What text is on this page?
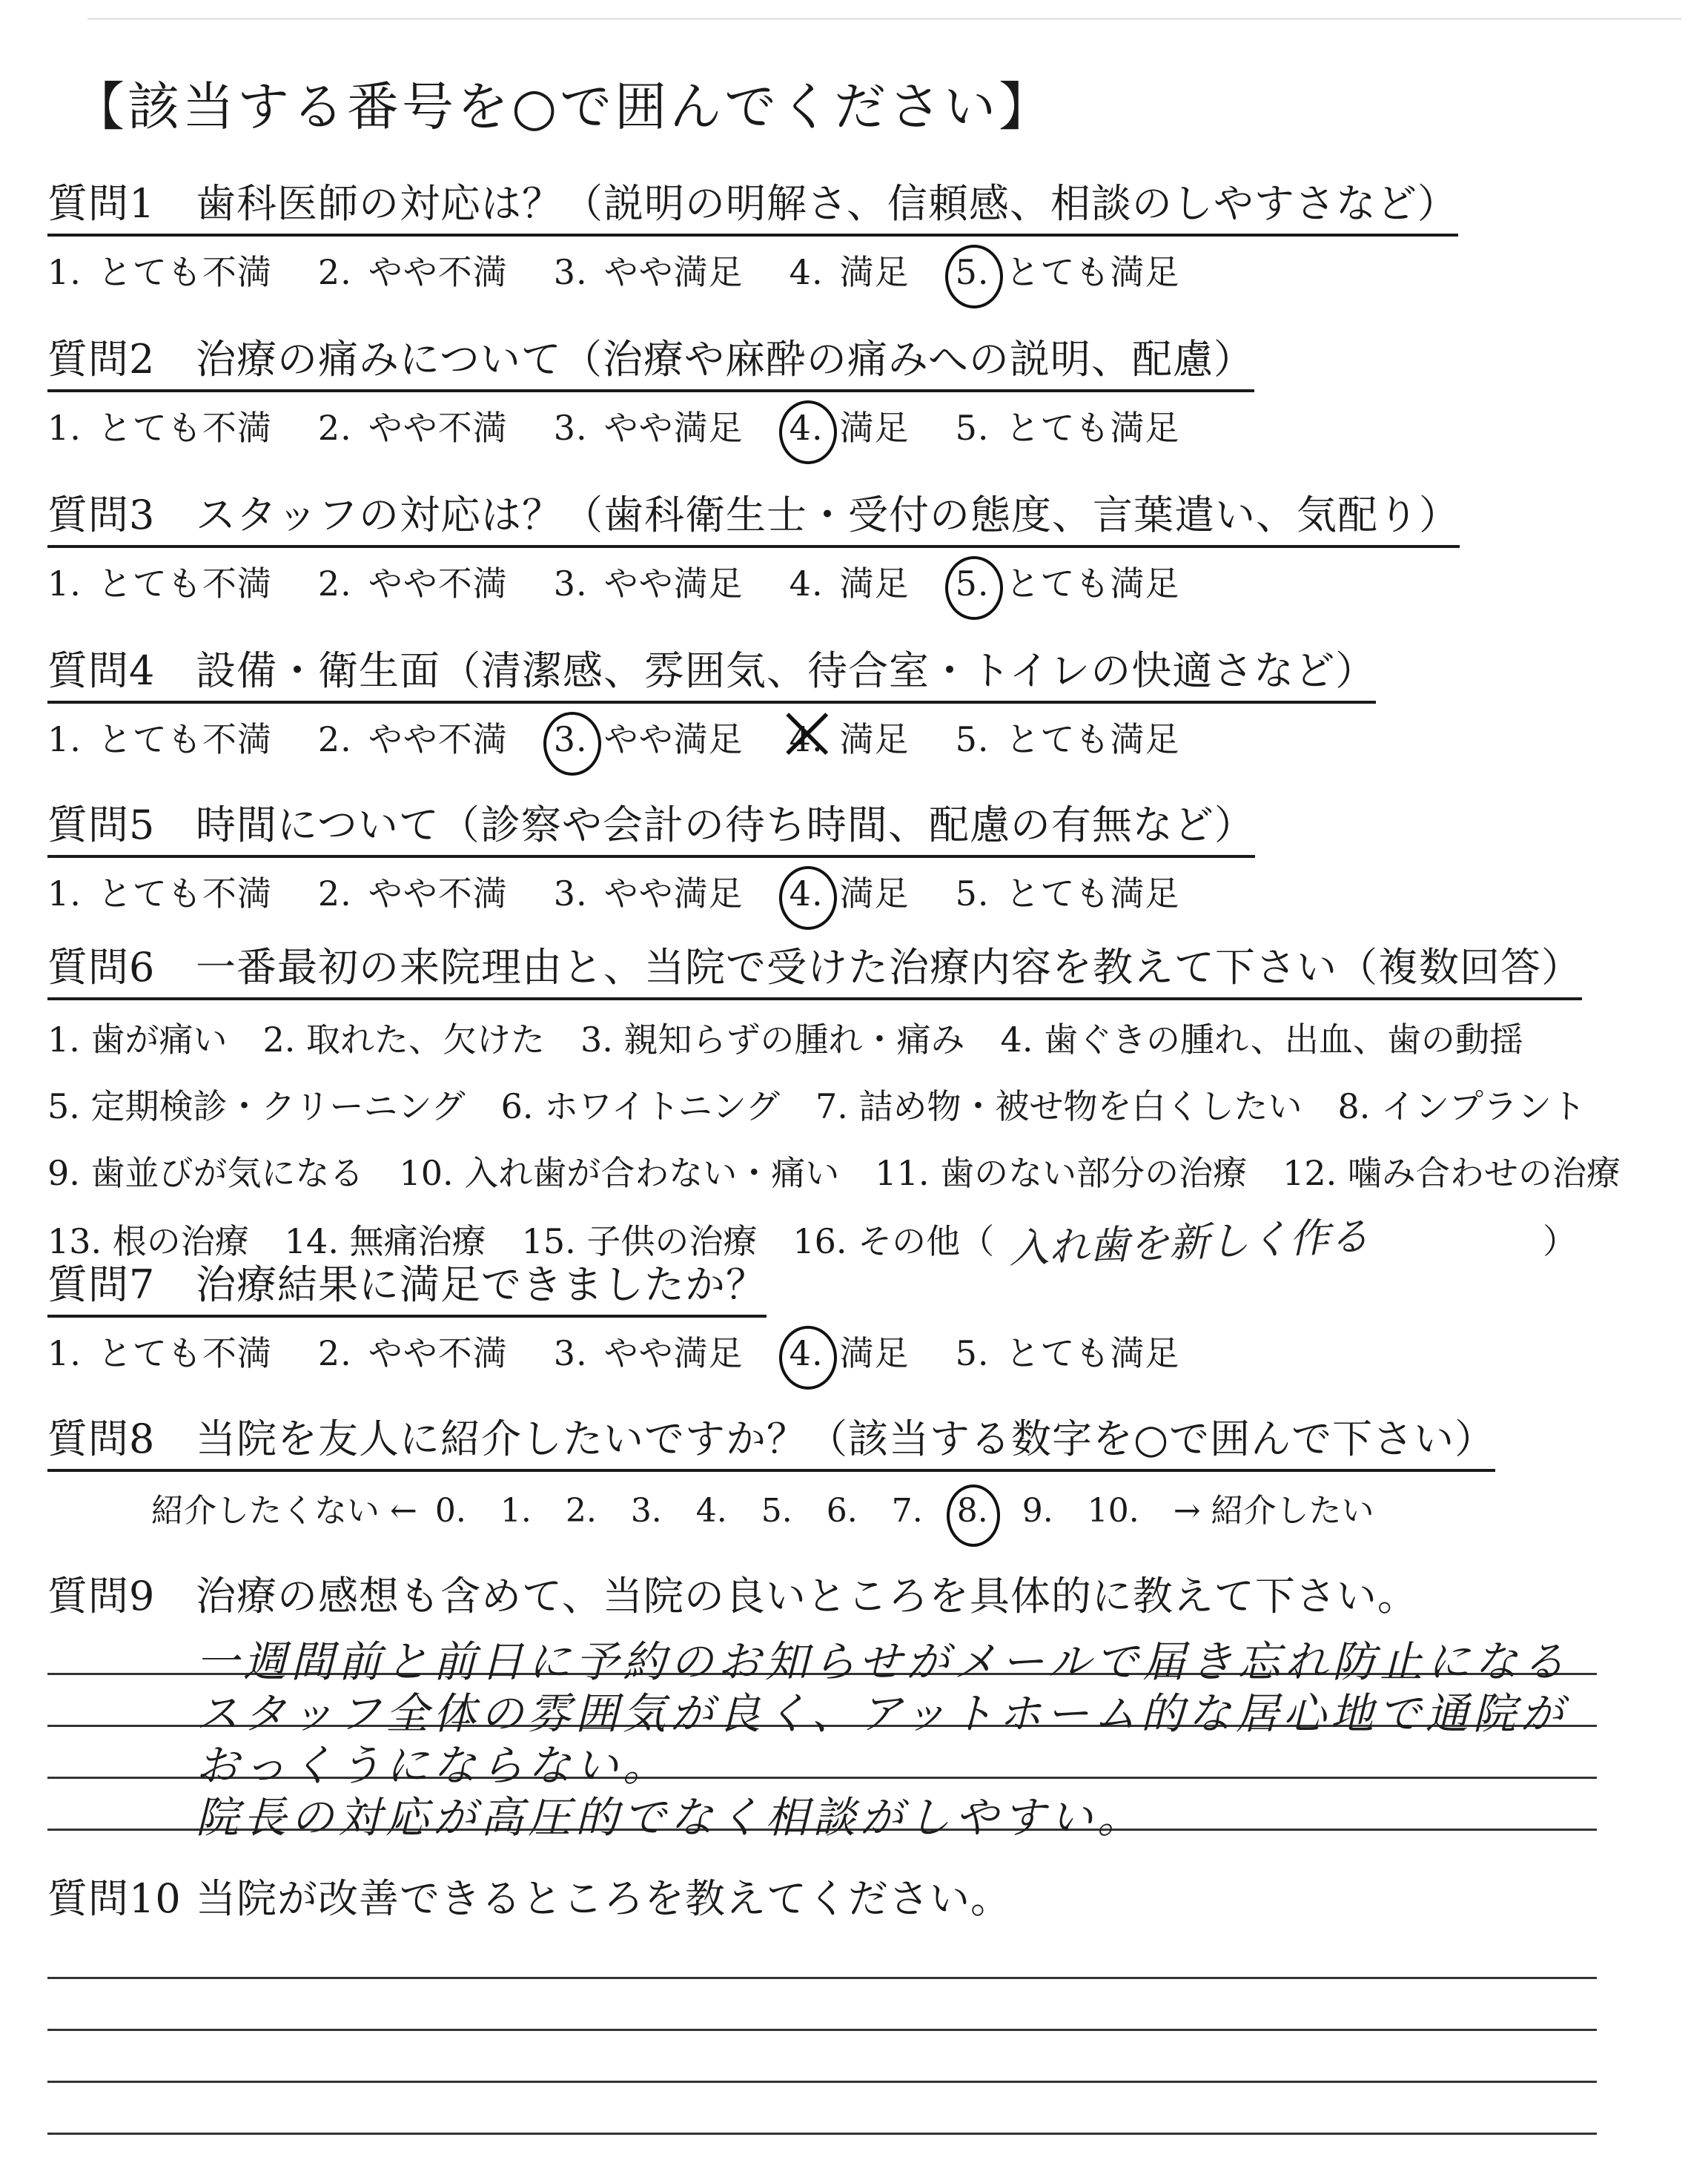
【該当する番号を○で囲んでください】
質問1 歯科医師の対応は？（説明の明解さ、信頼感、相談のしやすさなど）
1. とても不満 2. やや不満 3. やや満足 4. 満足 5. とても満足
質問2 治療の痛みについて（治療や麻酔の痛みへの説明、配慮）
1. とても不満 2. やや不満 3. やや満足 4. 満足 5. とても満足
質問3 スタッフの対応は？（歯科衛生士・受付の態度、言葉遣い、気配り）
1. とても不満 2. やや不満 3. やや満足 4. 満足 5. とても満足
質問4 設備・衛生面（清潔感、雰囲気、待合室・トイレの快適さなど）
1. とても不満 2. やや不満 3. やや満足 4. × 満足 5. とても満足
質問5 時間について（診察や会計の待ち時間、配慮の有無など）
1. とても不満 2. やや不満 3. やや満足 4. 満足 5. とても満足
質問6 一番最初の来院理由と、当院で受けた治療内容を教えて下さい（複数回答）
1. 歯が痛い 2. 取れた、欠けた 3. 親知らずの腫れ・痛み 4. 歯ぐきの腫れ、出血、歯の動揺
5. 定期検診・クリーニング 6. ホワイトニング 7. 詰め物・被せ物を白くしたい 8. インプラント
9. 歯並びが気になる 10. 入れ歯が合わない・痛い 11. 歯のない部分の治療 12. 噛み合わせの治療
13. 根の治療 14. 無痛治療 15. 子供の治療 16. その他（ 入れ歯を新しく作る	）
質問7 治療結果に満足できましたか？
1. とても不満 2. やや不満 3. やや満足 4. 満足 5. とても満足
質問8 当院を友人に紹介したいですか？（該当する数字を○で囲んで下さい）
紹介したくない ← 0. 1. 2. 3. 4. 5. 6. 7. 8. 9. 10. → 紹介したい
質問9 治療の感想も含めて、当院の良いところを具体的に教えて下さい。
一週間前と前日に予約のお知らせがメールで届き忘れ防止になる
スタッフ全体の雰囲気が良く、アットホーム的な居心地で通院が
おっくうにならない。
院長の対応が高圧的でなく相談がしやすい。
質問10 当院が改善できるところを教えてください。
